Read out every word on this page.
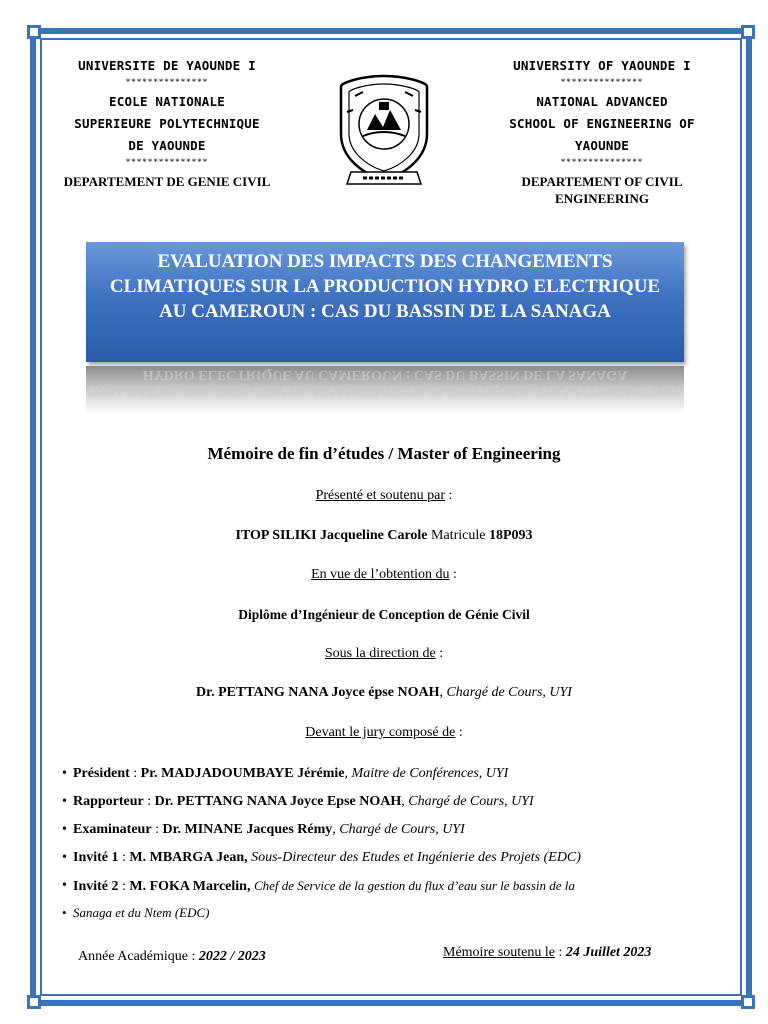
UNIVERSITE DE YAOUNDE I
***************
ECOLE NATIONALE
SUPERIEURE POLYTECHNIQUE
DE YAOUNDE
***************
DEPARTEMENT DE GENIE CIVIL
UNIVERSITY OF YAOUNDE I
***************
NATIONAL ADVANCED
SCHOOL OF ENGINEERING OF
YAOUNDE
***************
DEPARTEMENT OF CIVIL ENGINEERING
EVALUATION DES IMPACTS DES CHANGEMENTS CLIMATIQUES SUR LA PRODUCTION HYDRO ELECTRIQUE AU CAMEROUN : CAS DU BASSIN DE LA SANAGA
EVALUATION DES IMPACTS DES CHANGEMENTS CLIMATIQUES SUR LA PRODUCTION HYDRO ELECTRIQUE AU CAMEROUN : CAS DU BASSIN DE LA SANAGA
Mémoire de fin d’études / Master of Engineering
Présenté et soutenu par :
ITOP SILIKI Jacqueline Carole Matricule 18P093
En vue de l’obtention du :
Diplôme d’Ingénieur de Conception de Génie Civil
Sous la direction de :
Dr. PETTANG NANA Joyce épse NOAH, Chargé de Cours, UYI
Devant le jury composé de :
• Président : Pr. MADJADOUMBAYE Jérémie, Maitre de Conférences, UYI
• Rapporteur : Dr. PETTANG NANA Joyce Epse NOAH, Chargé de Cours, UYI
• Examinateur : Dr. MINANE Jacques Rémy, Chargé de Cours, UYI
• Invité 1 : M. MBARGA Jean, Sous-Directeur des Etudes et Ingénierie des Projets (EDC)
• Invité 2 : M. FOKA Marcelin, Chef de Service de la gestion du flux d’eau sur le bassin de la
• Sanaga et du Ntem (EDC)
Année Académique : 2022 / 2023	Mémoire soutenu le : 24 Juillet 2023
